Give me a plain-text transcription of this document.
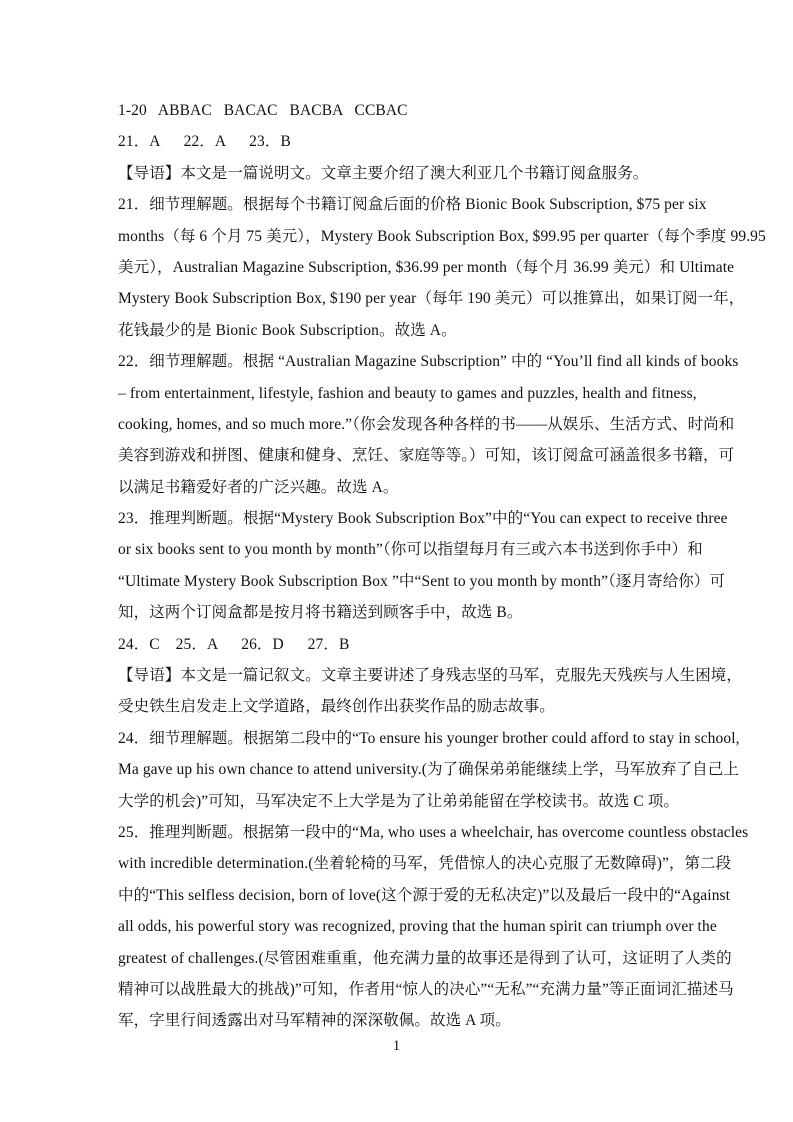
1-20   ABBAC   BACAC   BACBA   CCBAC
21．A      22．A      23．B
【导语】本文是一篇说明文。文章主要介绍了澳大利亚几个书籍订阅盒服务。
21．细节理解题。根据每个书籍订阅盒后面的价格 Bionic Book Subscription, $75 per six
months（每 6 个月 75 美元），Mystery Book Subscription Box, $99.95 per quarter（每个季度 99.95
美元），Australian Magazine Subscription, $36.99 per month（每个月 36.99 美元）和 Ultimate
Mystery Book Subscription Box, $190 per year（每年 190 美元）可以推算出，如果订阅一年，
花钱最少的是 Bionic Book Subscription。故选 A。
22．细节理解题。根据 “Australian Magazine Subscription” 中的 “You’ll find all kinds of books
– from entertainment, lifestyle, fashion and beauty to games and puzzles, health and fitness,
cooking, homes, and so much more.”（你会发现各种各样的书——从娱乐、生活方式、时尚和
美容到游戏和拼图、健康和健身、烹饪、家庭等等。）可知，该订阅盒可涵盖很多书籍，可
以满足书籍爱好者的广泛兴趣。故选 A。
23．推理判断题。根据“Mystery Book Subscription Box”中的“You can expect to receive three
or six books sent to you month by month”（你可以指望每月有三或六本书送到你手中）和
“Ultimate Mystery Book Subscription Box ”中“Sent to you month by month”（逐月寄给你）可
知，这两个订阅盒都是按月将书籍送到顾客手中，故选 B。
24．C    25．A      26．D      27．B
【导语】本文是一篇记叙文。文章主要讲述了身残志坚的马军，克服先天残疾与人生困境，
受史铁生启发走上文学道路，最终创作出获奖作品的励志故事。
24．细节理解题。根据第二段中的“To ensure his younger brother could afford to stay in school,
Ma gave up his own chance to attend university.(为了确保弟弟能继续上学，马军放弃了自己上
大学的机会)”可知，马军决定不上大学是为了让弟弟能留在学校读书。故选 C 项。
25．推理判断题。根据第一段中的“Ma, who uses a wheelchair, has overcome countless obstacles
with incredible determination.(坐着轮椅的马军，凭借惊人的决心克服了无数障碍)”，第二段
中的“This selfless decision, born of love(这个源于爱的无私决定)”以及最后一段中的“Against
all odds, his powerful story was recognized, proving that the human spirit can triumph over the
greatest of challenges.(尽管困难重重，他充满力量的故事还是得到了认可，这证明了人类的
精神可以战胜最大的挑战)”可知，作者用“惊人的决心”“无私”“充满力量”等正面词汇描述马
军，字里行间透露出对马军精神的深深敬佩。故选 A 项。
1
